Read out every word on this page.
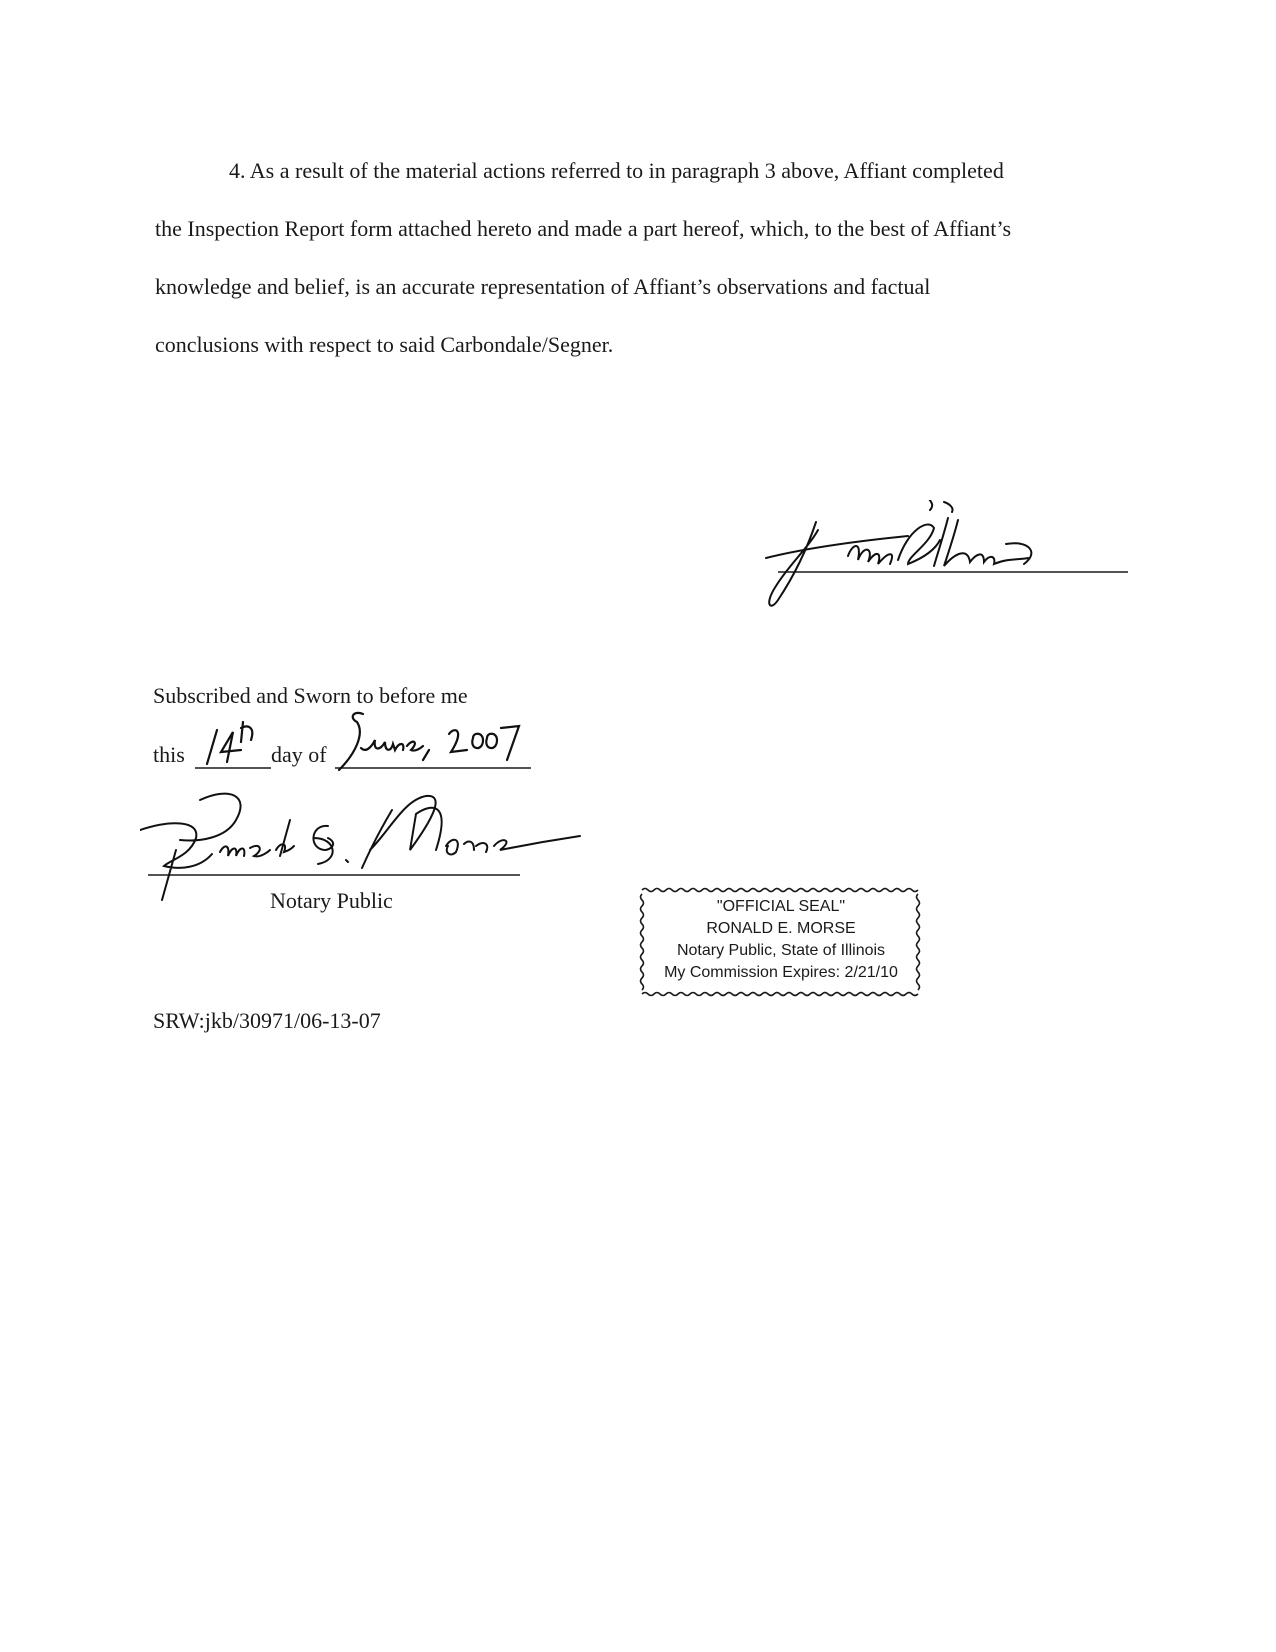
4. As a result of the material actions referred to in paragraph 3 above, Affiant completed

the Inspection Report form attached hereto and made a part hereof, which, to the best of Affiant’s

knowledge and belief, is an accurate representation of Affiant’s observations and factual

conclusions with respect to said Carbondale/Segner.

Subscribed and Sworn to before me
this	day of
Notary Public	"OFFICIAL SEAL"
RONALD E. MORSE
Notary Public, State of Illinois
My Commission Expires: 2/21/10
SRW:jkb/30971/06-13-07
